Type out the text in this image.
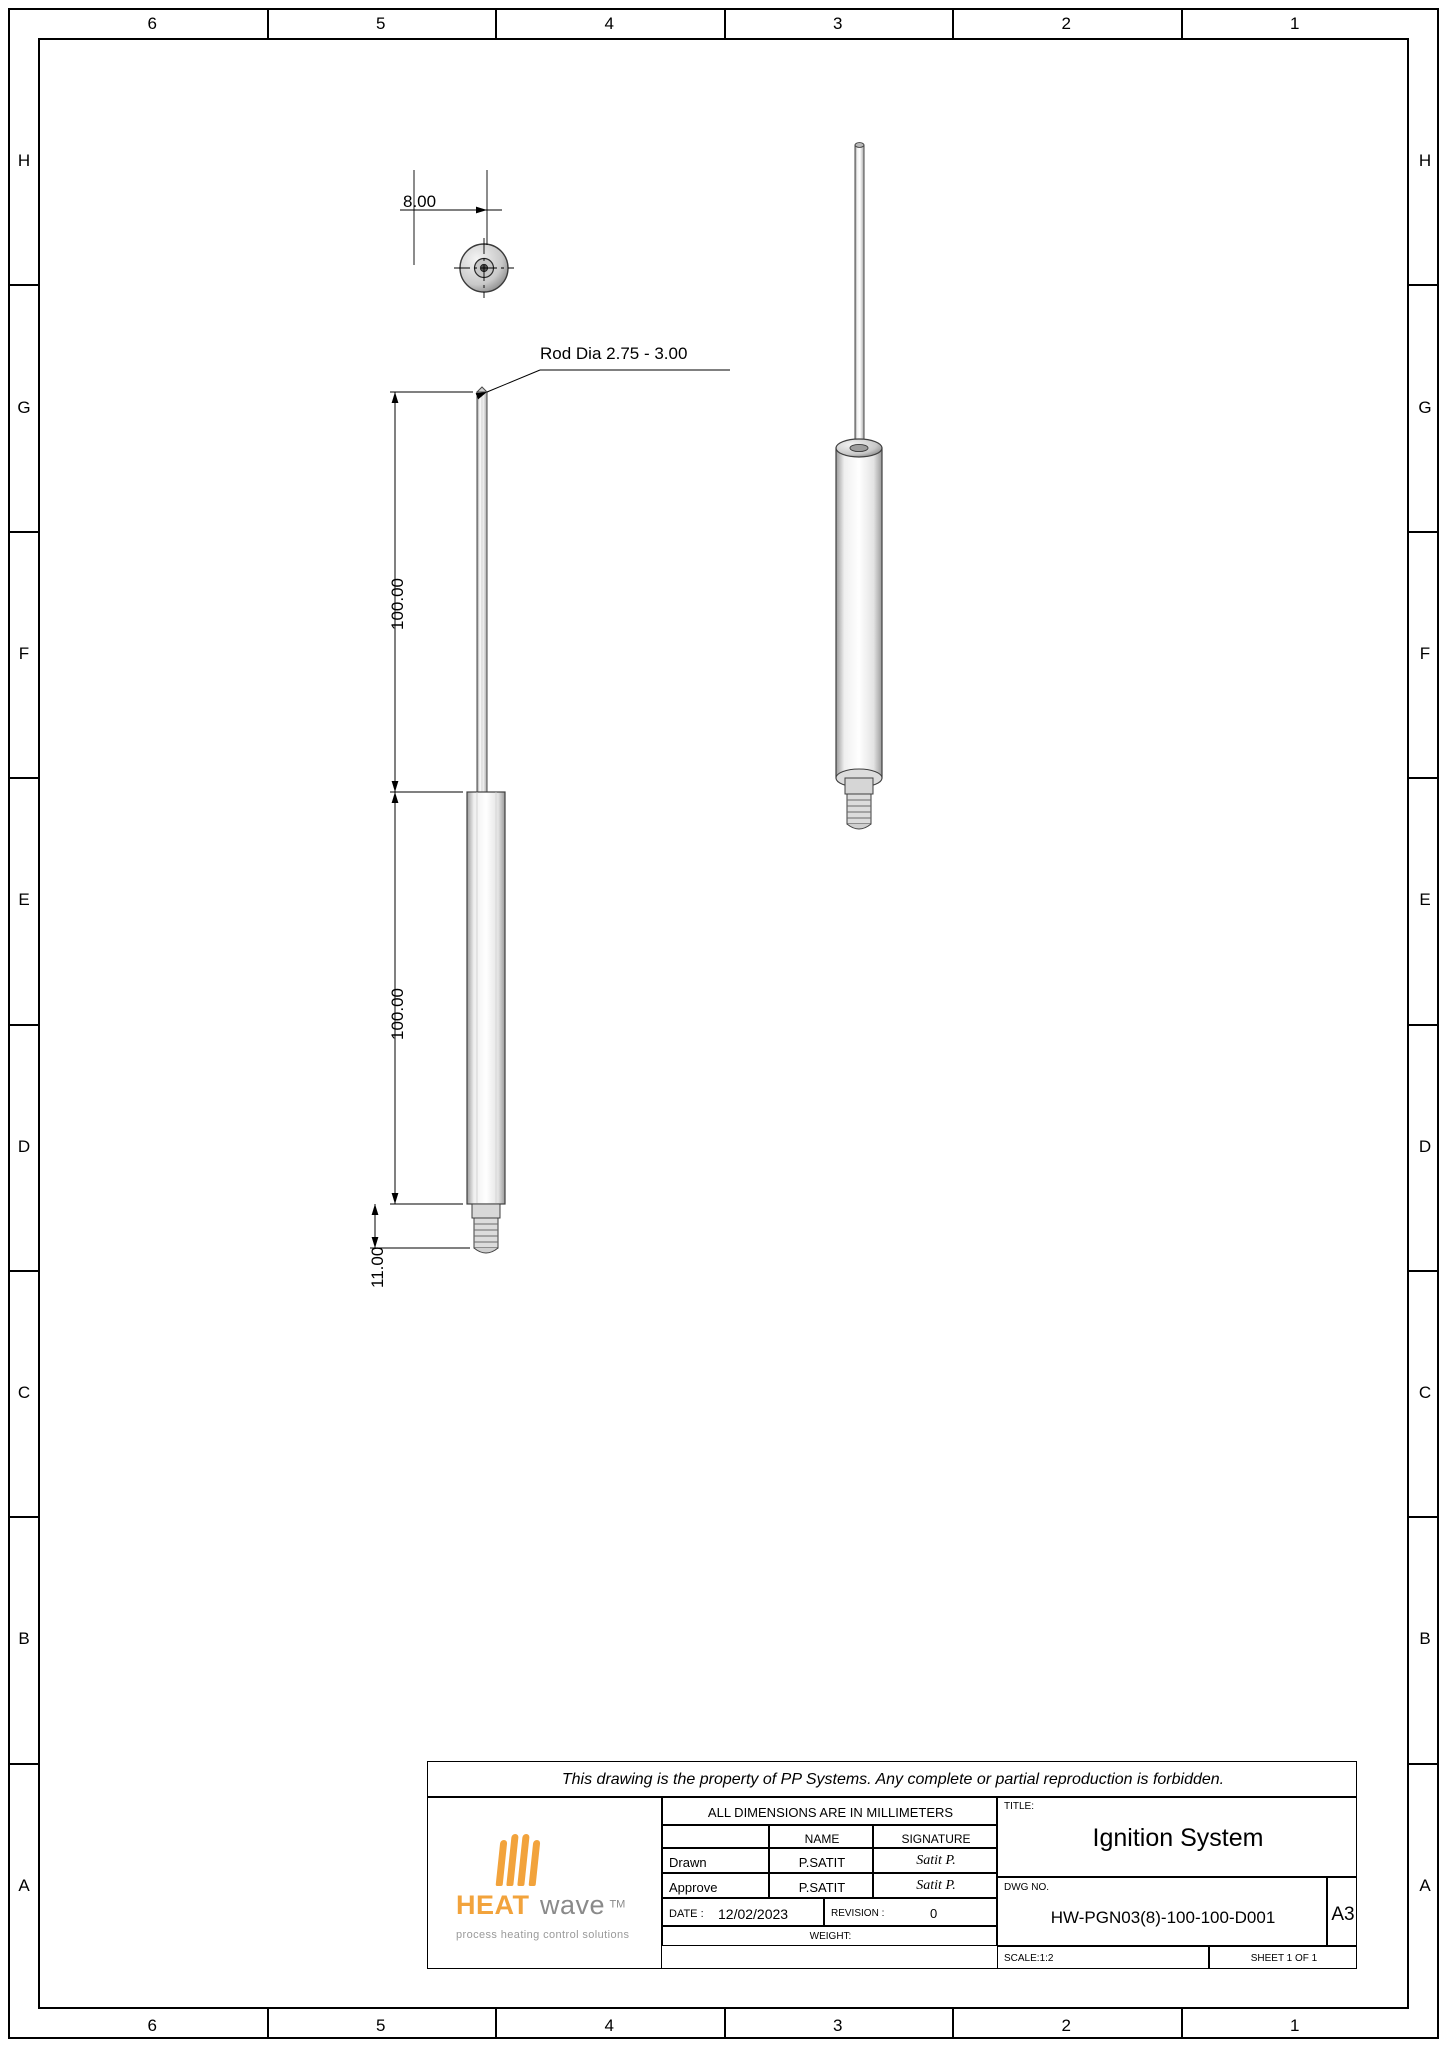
6
6
5
5
4
4
3
3
2
2
1
1
H	H
G	G
F	F
E	E
D	D
C	C
B	B
A	A
8.00
Rod Dia 2.75 - 3.00
100.00
100.00
11.00
This drawing is the property of PP Systems. Any complete or partial reproduction is forbidden.
HEAT wave ™
process heating control solutions
ALL DIMENSIONS ARE IN MILLIMETERS
NAME	SIGNATURE
Drawn	P.SATIT	Satit P.
Approve	P.SATIT	Satit P.
DATE : 12/02/2023	REVISION :	0
WEIGHT:
TITLE:
Ignition System
DWG NO.
HW-PGN03(8)-100-100-D001	A3
SCALE:1:2	SHEET 1 OF 1
